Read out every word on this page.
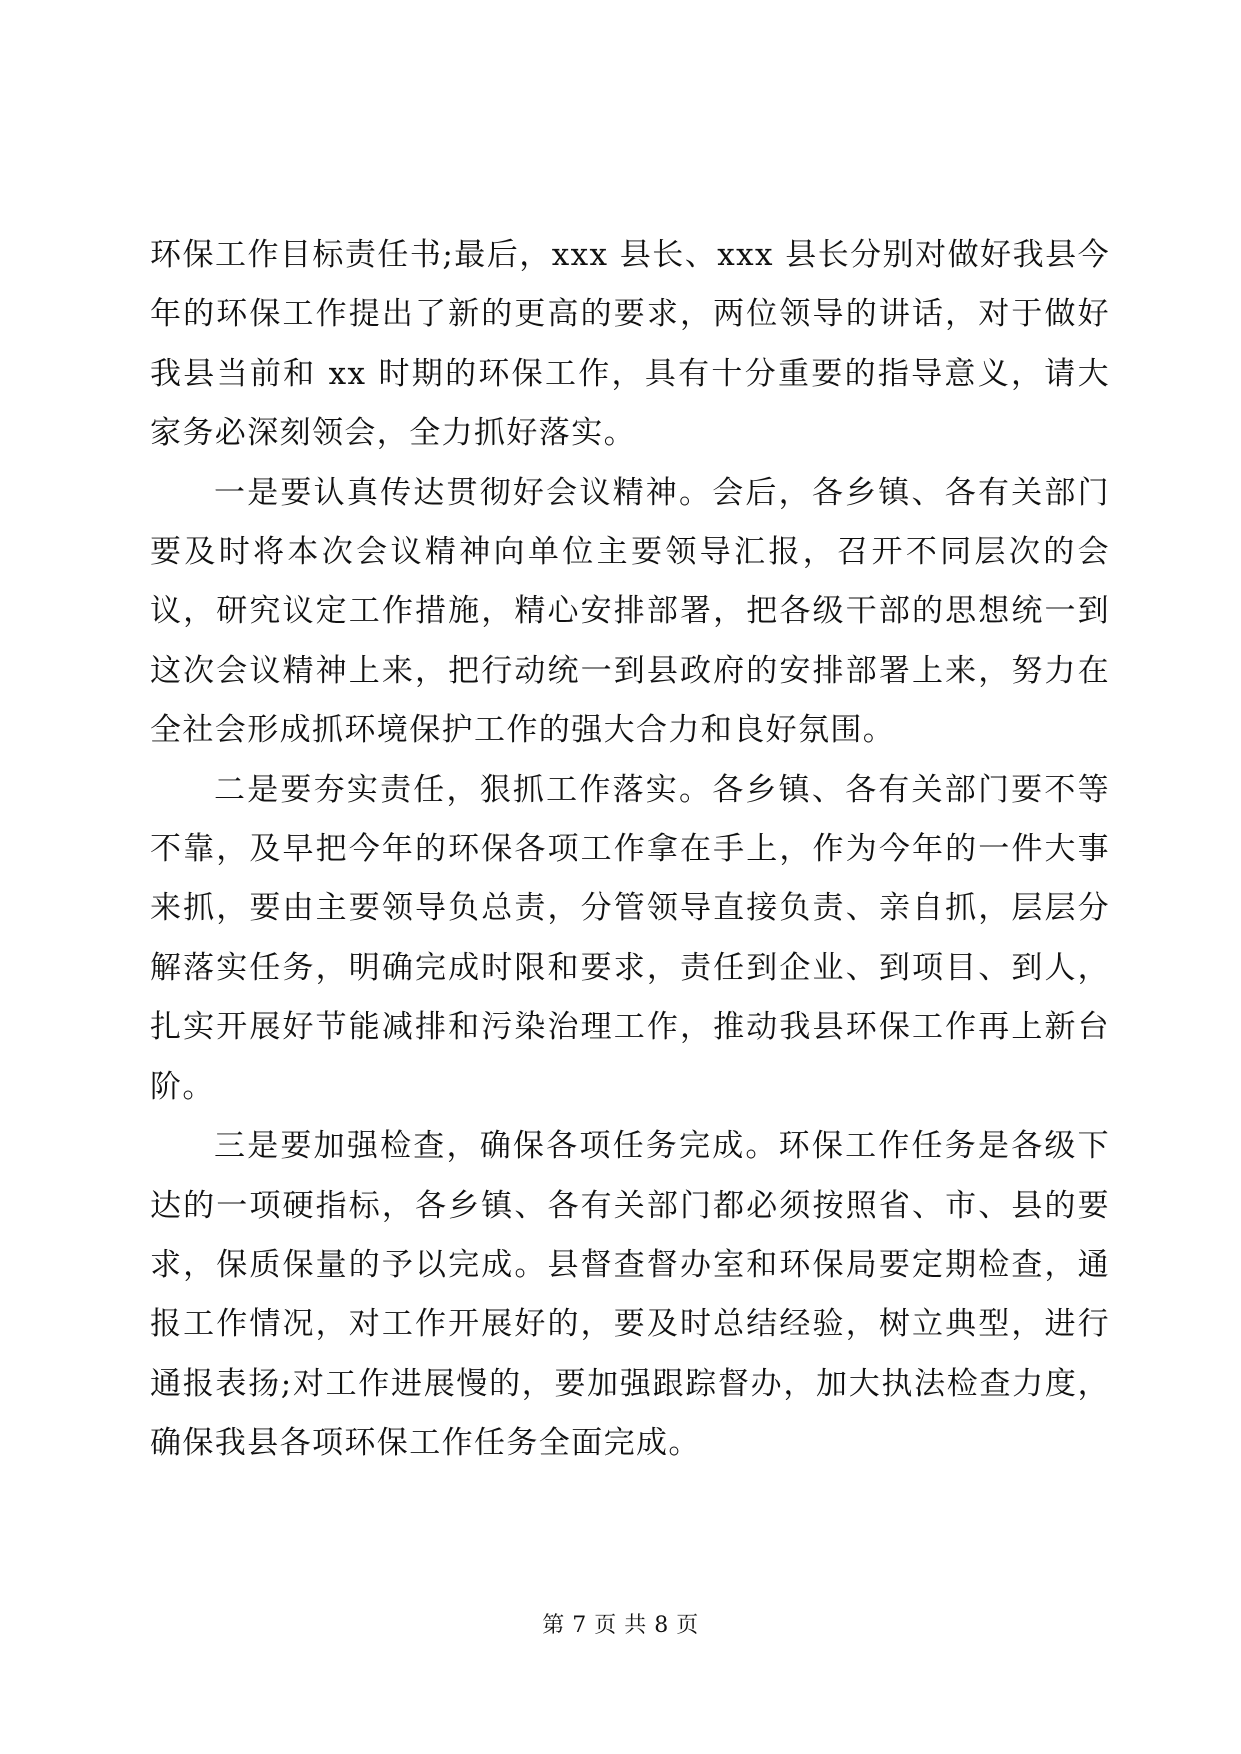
环保工作目标责任书;最后，xxx 县长、xxx 县长分别对做好我县今年的环保工作提出了新的更高的要求，两位领导的讲话，对于做好我县当前和 xx 时期的环保工作，具有十分重要的指导意义，请大家务必深刻领会，全力抓好落实。

一是要认真传达贯彻好会议精神。会后，各乡镇、各有关部门要及时将本次会议精神向单位主要领导汇报，召开不同层次的会议，研究议定工作措施，精心安排部署，把各级干部的思想统一到这次会议精神上来，把行动统一到县政府的安排部署上来，努力在全社会形成抓环境保护工作的强大合力和良好氛围。

二是要夯实责任，狠抓工作落实。各乡镇、各有关部门要不等不靠，及早把今年的环保各项工作拿在手上，作为今年的一件大事来抓，要由主要领导负总责，分管领导直接负责、亲自抓，层层分解落实任务，明确完成时限和要求，责任到企业、到项目、到人，扎实开展好节能减排和污染治理工作，推动我县环保工作再上新台阶。

三是要加强检查，确保各项任务完成。环保工作任务是各级下达的一项硬指标，各乡镇、各有关部门都必须按照省、市、县的要求，保质保量的予以完成。县督查督办室和环保局要定期检查，通报工作情况，对工作开展好的，要及时总结经验，树立典型，进行通报表扬;对工作进展慢的，要加强跟踪督办，加大执法检查力度，确保我县各项环保工作任务全面完成。

第 7 页 共 8 页
